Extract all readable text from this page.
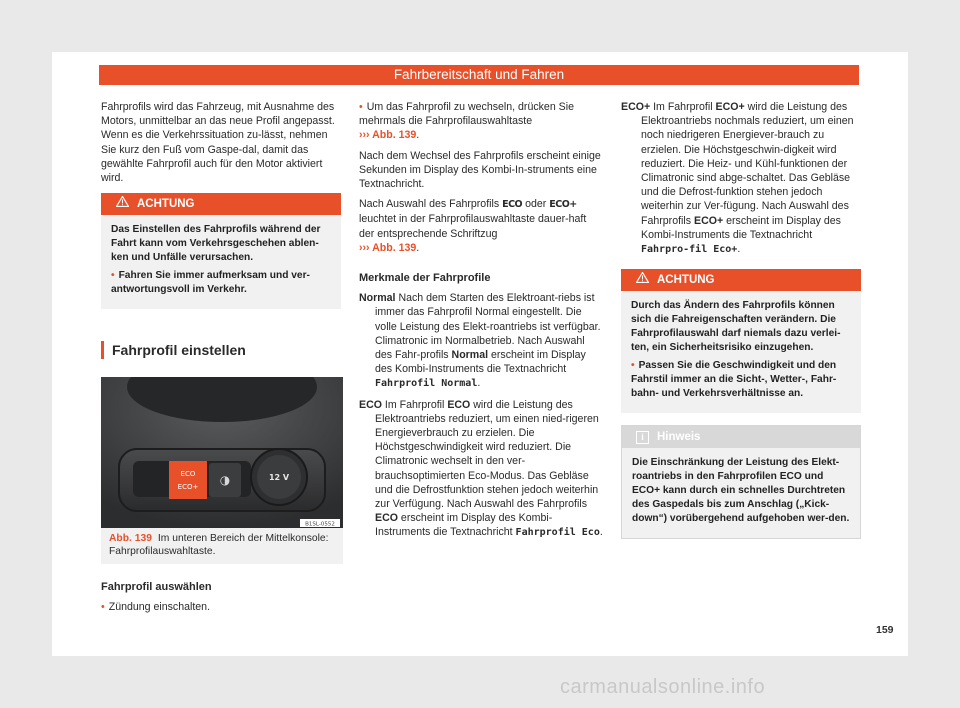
Fahrbereitschaft und Fahren

Fahrprofils wird das Fahrzeug, mit Ausnahme des Motors, unmittelbar an das neue Profil angepasst. Wenn es die Verkehrssituation zu-lässt, nehmen Sie kurz den Fuß vom Gaspe-dal, damit das gewählte Fahrprofil auch für den Motor aktiviert wird.

ACHTUNG

Das Einstellen des Fahrprofils während der Fahrt kann vom Verkehrsgeschehen ablen-ken und Unfälle verursachen.

• Fahren Sie immer aufmerksam und ver-antwortungsvoll im Verkehr.

Fahrprofil einstellen
◑
ECO
ECO+
12 V
B1SL-0552
Abb. 139 Im unteren Bereich der Mittelkonsole: Fahrprofilauswahltaste.
Fahrprofil auswählen

• Zündung einschalten.

• Um das Fahrprofil zu wechseln, drücken Sie mehrmals die Fahrprofilauswahltaste
››› Abb. 139.

Nach dem Wechsel des Fahrprofils erscheint einige Sekunden im Display des Kombi-In-struments eine Textnachricht.

Nach Auswahl des Fahrprofils ECO oder ECO+ leuchtet in der Fahrprofilauswahltaste dauer-haft der entsprechende Schriftzug
››› Abb. 139.

Merkmale der Fahrprofile

Normal Nach dem Starten des Elektroant-riebs ist immer das Fahrprofil Normal eingestellt. Die volle Leistung des Elekt-roantriebs ist verfügbar. Climatronic im Normalbetrieb. Nach Auswahl des Fahr-profils Normal erscheint im Display des Kombi-Instruments die Textnachricht Fahrprofil Normal.

ECO Im Fahrprofil ECO wird die Leistung des Elektroantriebs reduziert, um einen nied-rigeren Energieverbrauch zu erzielen. Die Höchstgeschwindigkeit wird reduziert. Die Climatronic wechselt in den ver-brauchsoptimierten Eco-Modus. Das Gebläse und die Defrostfunktion stehen jedoch weiterhin zur Verfügung. Nach Auswahl des Fahrprofils ECO erscheint im Display des Kombi-Instruments die Textnachricht Fahrprofil Eco.

ECO+ Im Fahrprofil ECO+ wird die Leistung des Elektroantriebs nochmals reduziert, um einen noch niedrigeren Energiever-brauch zu erzielen. Die Höchstgeschwin-digkeit wird reduziert. Die Heiz- und Kühl-funktionen der Climatronic sind abge-schaltet. Das Gebläse und die Defrost-funktion stehen jedoch weiterhin zur Ver-fügung. Nach Auswahl des Fahrprofils ECO+ erscheint im Display des Kombi-Instruments die Textnachricht Fahrpro-fil Eco+.

ACHTUNG

Durch das Ändern des Fahrprofils können sich die Fahreigenschaften verändern. Die Fahrprofilauswahl darf niemals dazu verlei-ten, ein Sicherheitsrisiko einzugehen.

• Passen Sie die Geschwindigkeit und den Fahrstil immer an die Sicht-, Wetter-, Fahr-bahn- und Verkehrsverhältnisse an.

i Hinweis

Die Einschränkung der Leistung des Elekt-roantriebs in den Fahrprofilen ECO und ECO+ kann durch ein schnelles Durchtreten des Gaspedals bis zum Anschlag („Kick-down“) vorübergehend aufgehoben wer-den.

159
carmanualsonline.info
